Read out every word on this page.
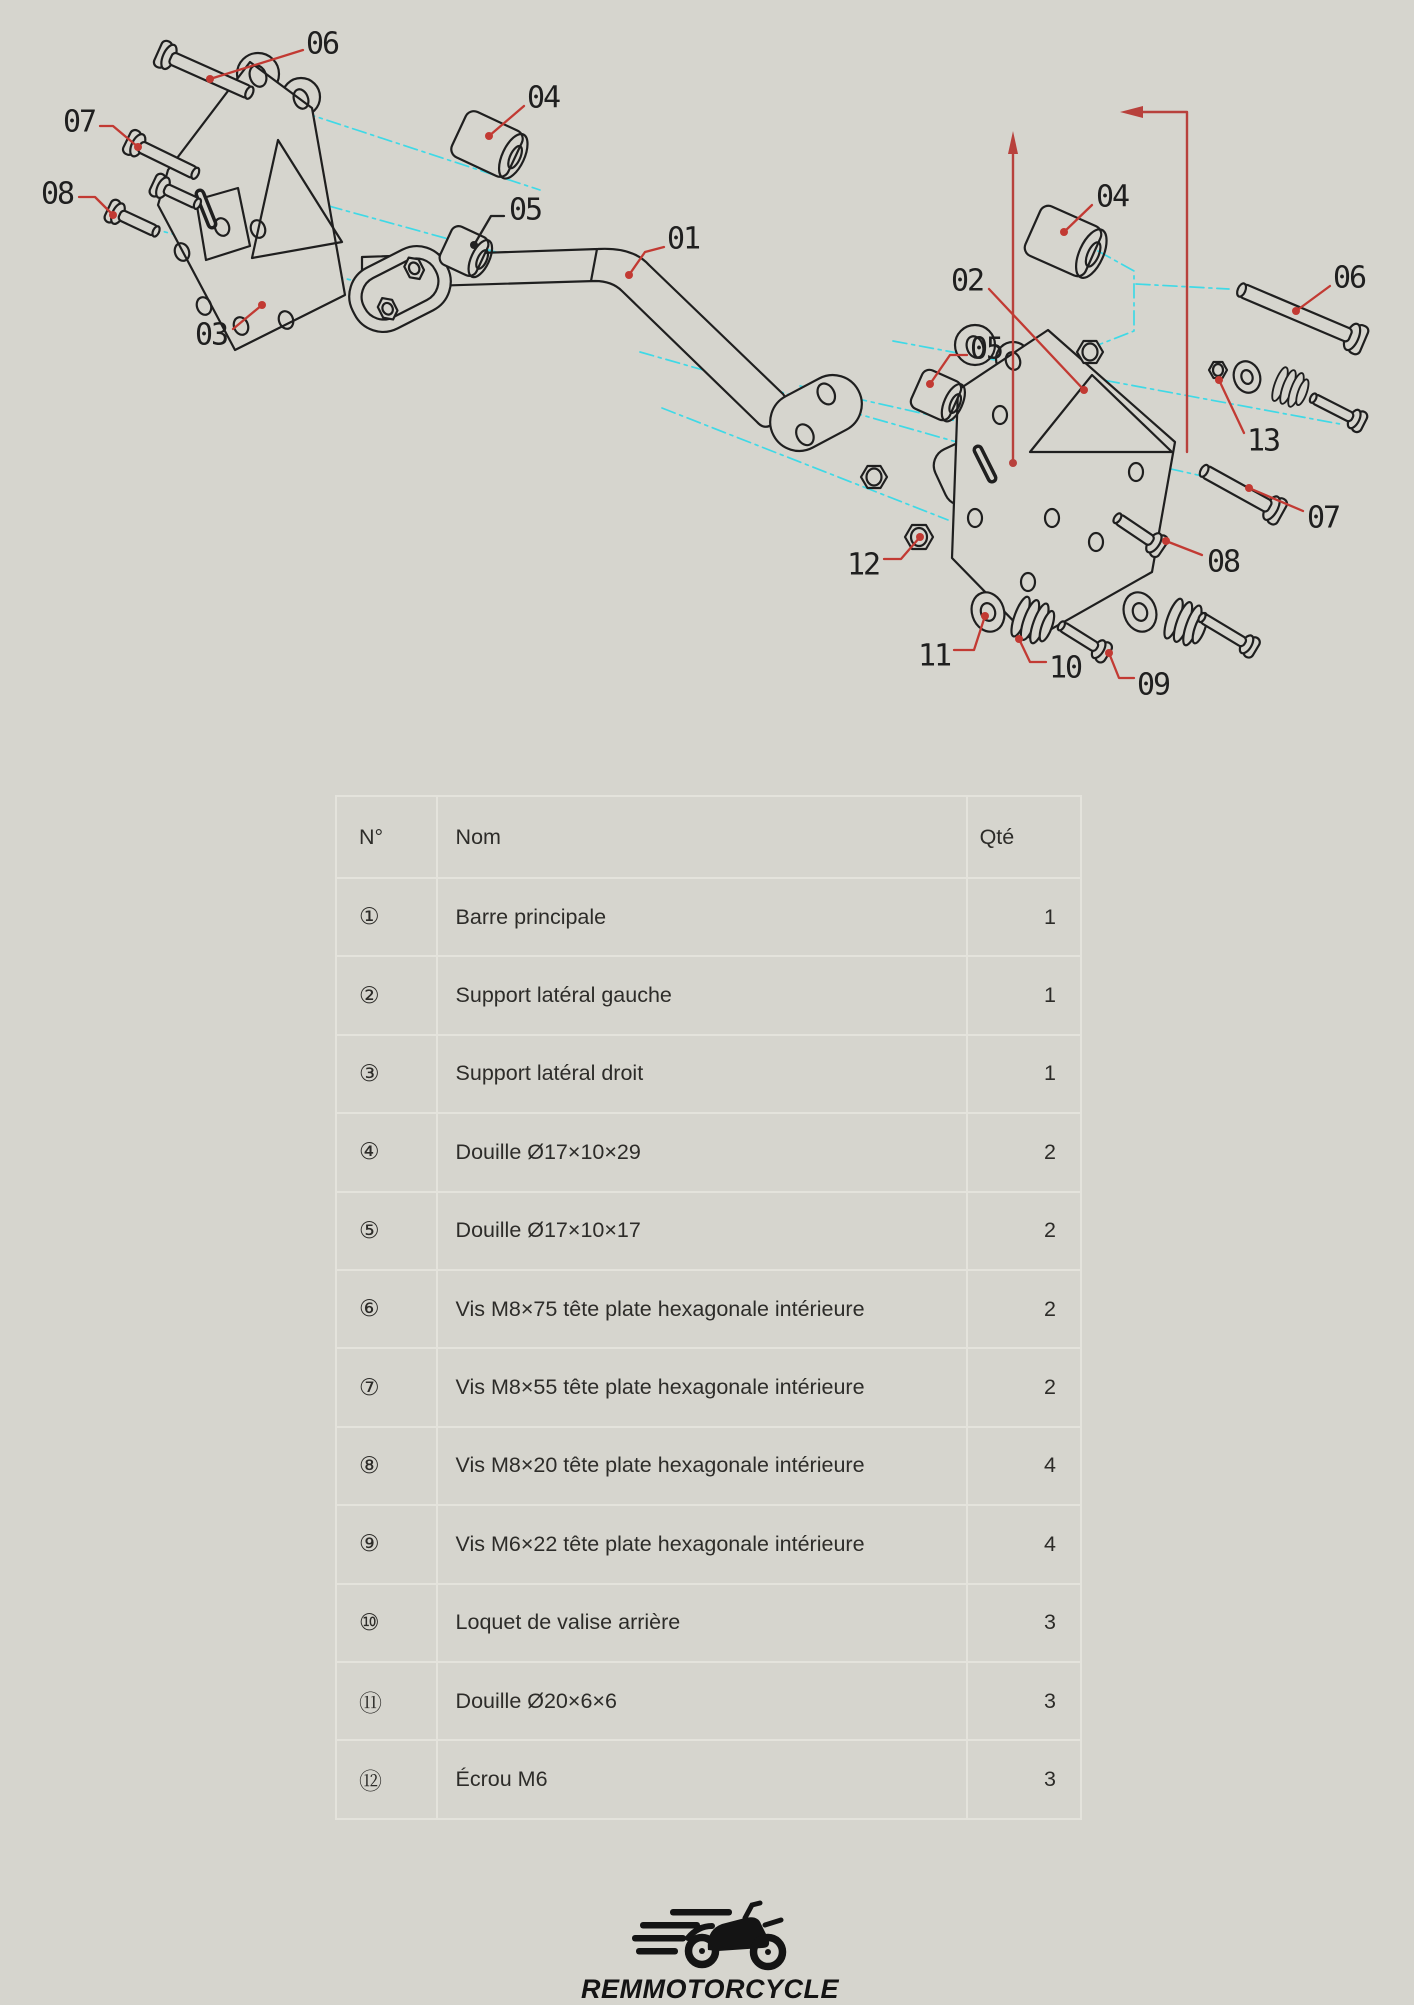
06
07
08
04
05
01
03
02
04
05
06
13
07
08
12
11	10 09
N°	Nom	Qté
①	Barre principale	1
②	Support latéral gauche	1
③	Support latéral droit	1
④	Douille Ø17×10×29	2
⑤	Douille Ø17×10×17	2
⑥	Vis M8×75 tête plate hexagonale intérieure	2
⑦	Vis M8×55 tête plate hexagonale intérieure	2
⑧	Vis M8×20 tête plate hexagonale intérieure	4
⑨	Vis M6×22 tête plate hexagonale intérieure	4
⑩	Loquet de valise arrière	3
⑪	Douille Ø20×6×6	3
⑫	Écrou M6	3
REMMOTORCYCLE
